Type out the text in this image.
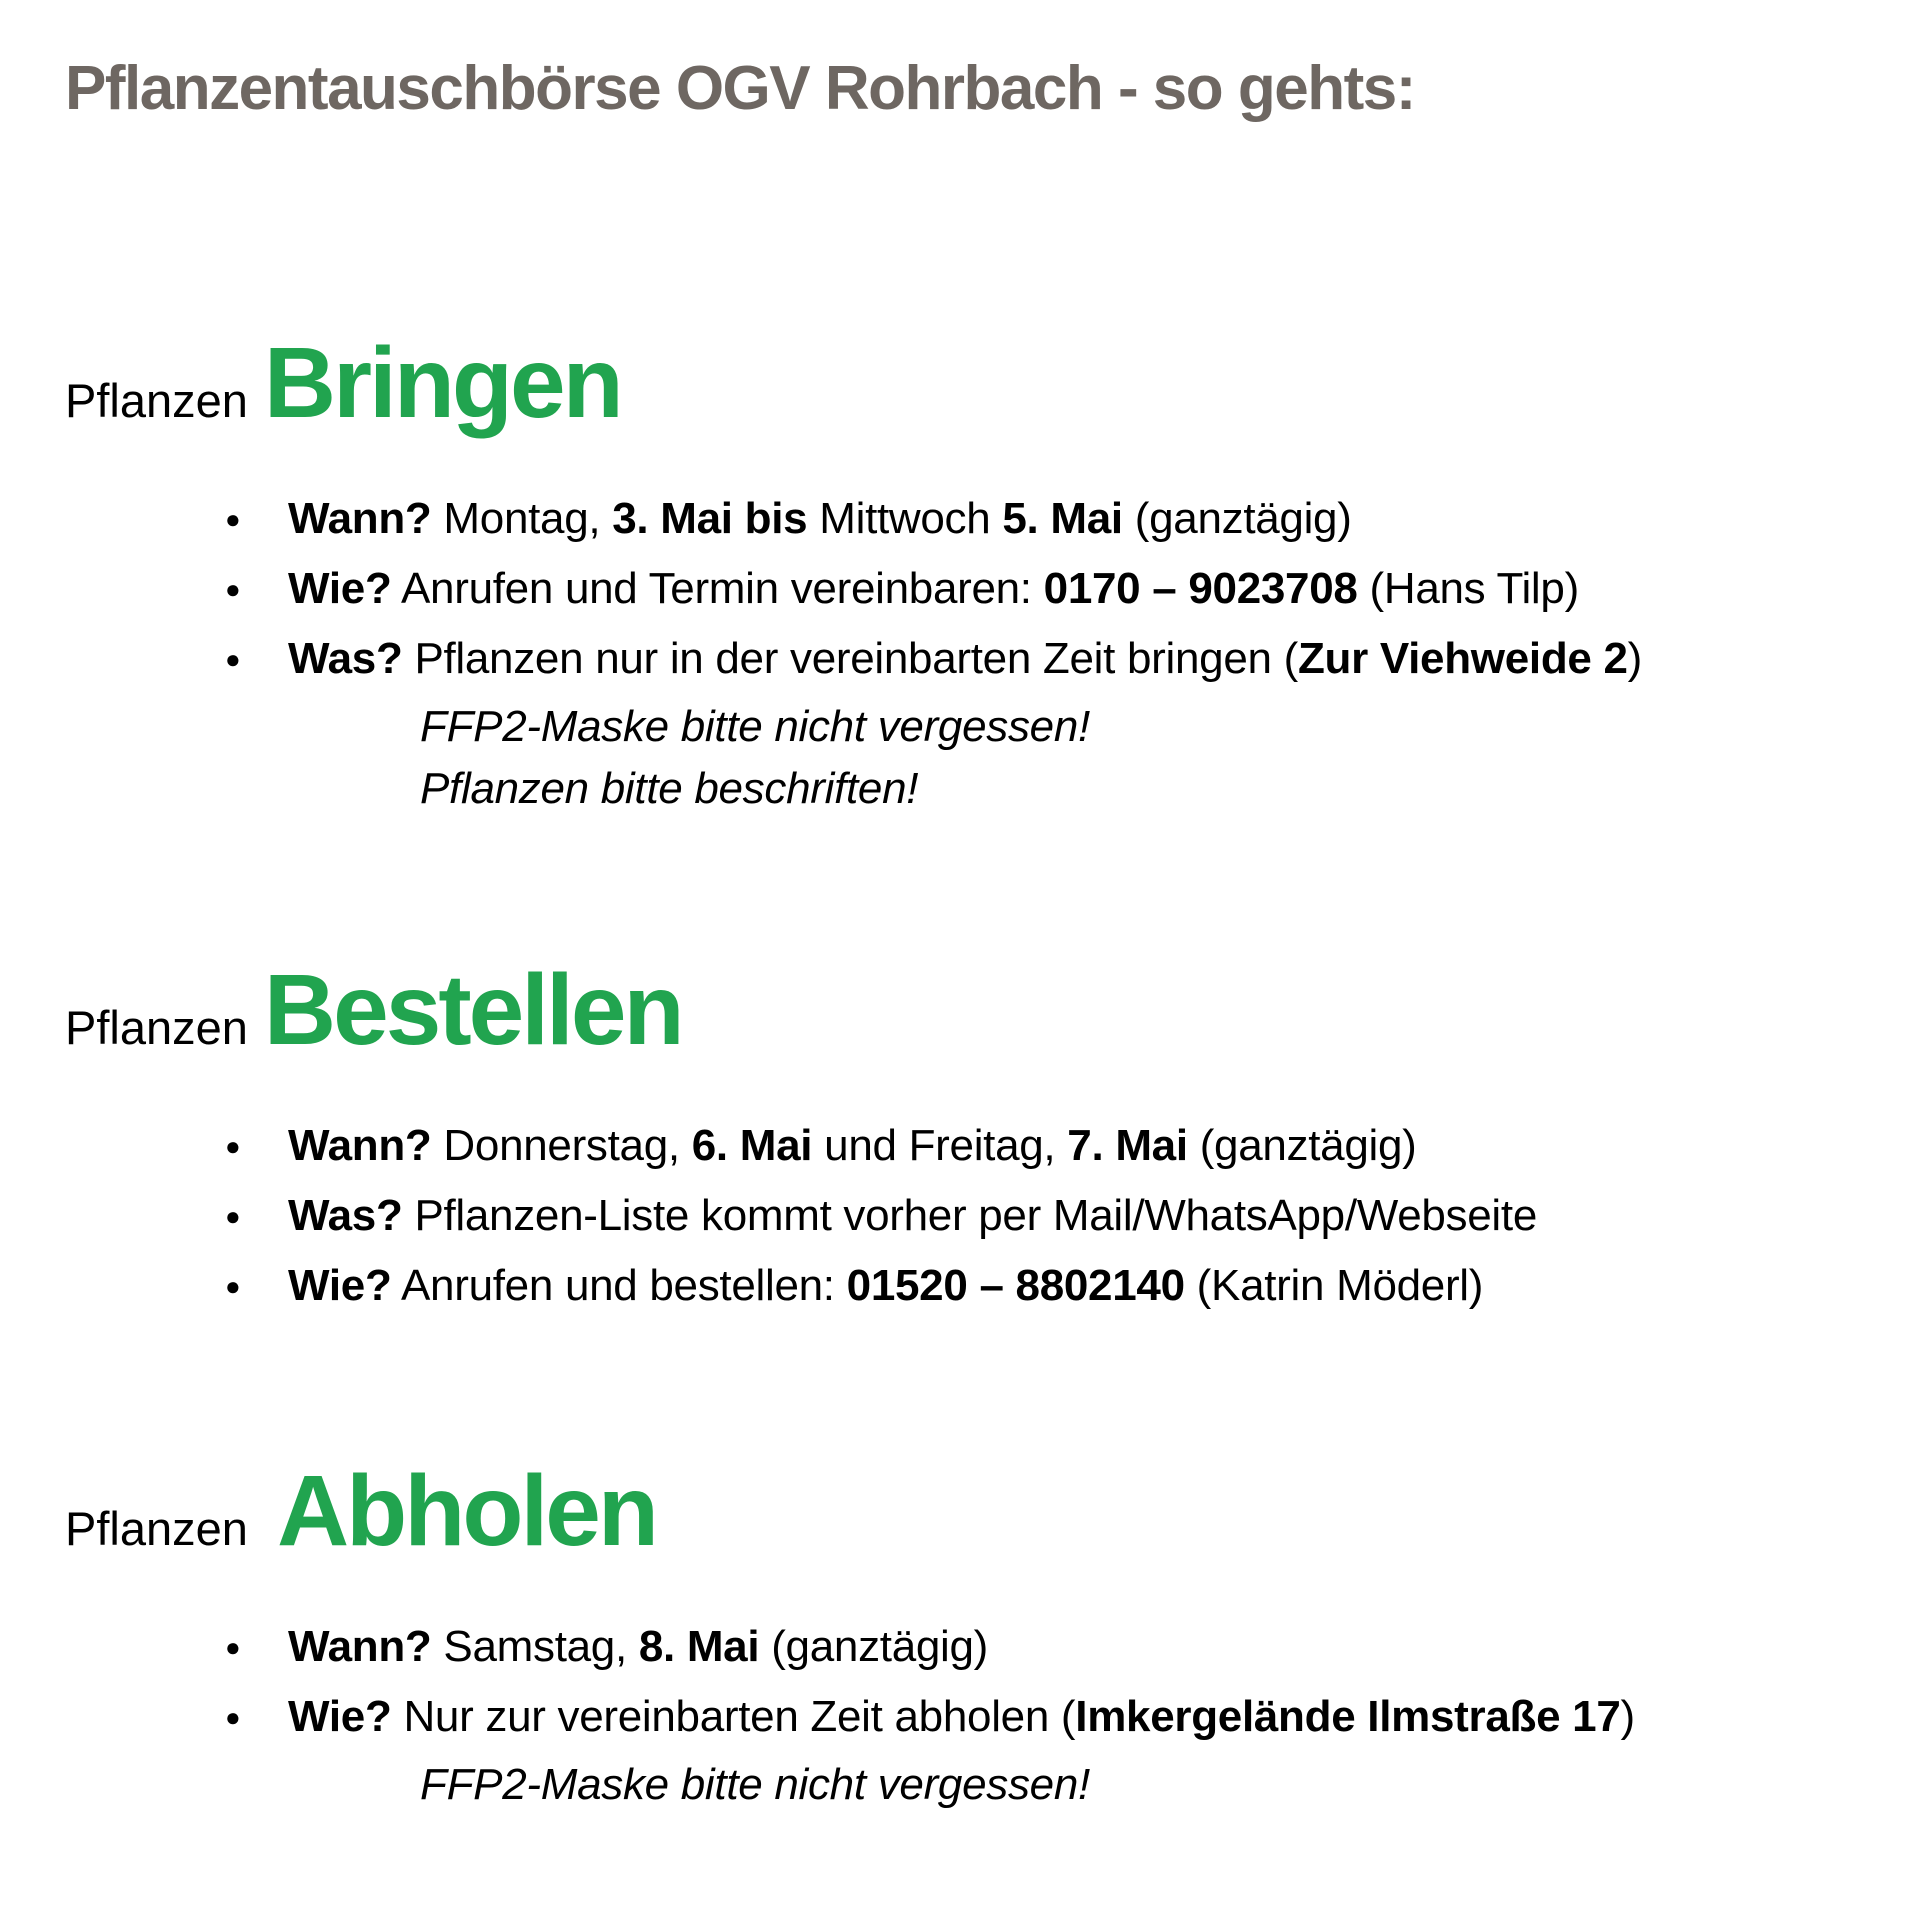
Pflanzentauschbörse OGV Rohrbach - so gehts:
Pflanzen Bringen
●	Wann? Montag, 3. Mai bis Mittwoch 5. Mai (ganztägig)
●	Wie? Anrufen und Termin vereinbaren: 0170 – 9023708 (Hans Tilp)
●	Was? Pflanzen nur in der vereinbarten Zeit bringen (Zur Viehweide 2)
FFP2-Maske bitte nicht vergessen!
Pflanzen bitte beschriften!
Pflanzen Bestellen
●	Wann? Donnerstag, 6. Mai und Freitag, 7. Mai (ganztägig)
●	Was? Pflanzen-Liste kommt vorher per Mail/WhatsApp/Webseite
●	Wie? Anrufen und bestellen: 01520 – 8802140 (Katrin Möderl)
Pflanzen Abholen
●	Wann? Samstag, 8. Mai (ganztägig)
●	Wie? Nur zur vereinbarten Zeit abholen (Imkergelände Ilmstraße 17)
FFP2-Maske bitte nicht vergessen!
